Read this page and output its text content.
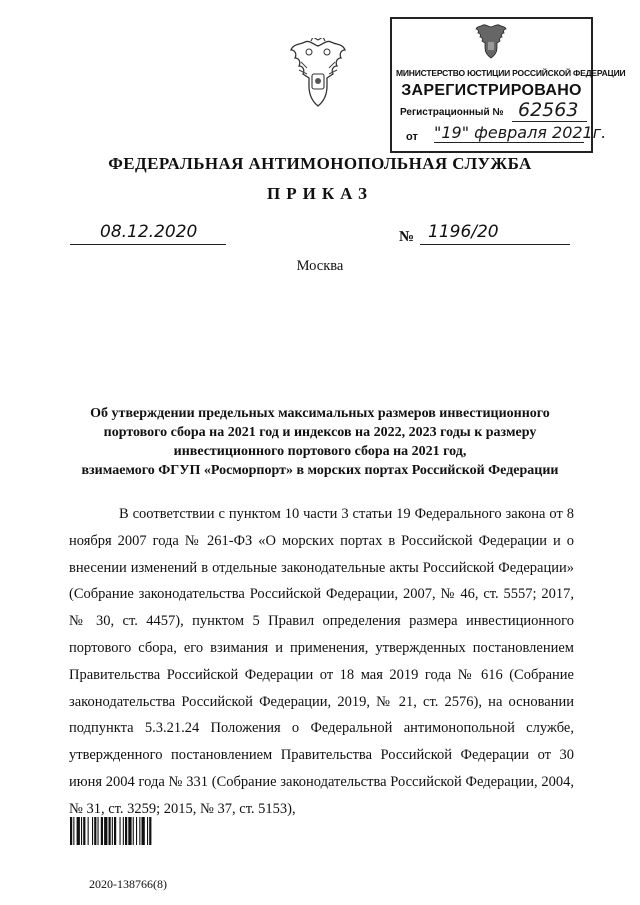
МИНИСТЕРСТВО ЮСТИЦИИ РОССИЙСКОЙ ФЕДЕРАЦИИ
ЗАРЕГИСТРИРОВАНО
Регистрационный № 62563
от "19" февраля 2021г.
ФЕДЕРАЛЬНАЯ АНТИМОНОПОЛЬНАЯ СЛУЖБА
ПРИКАЗ
08.12.2020	№ 1196/20
Москва
Об утверждении предельных максимальных размеров инвестиционного
портового сбора на 2021 год и индексов на 2022, 2023 годы к размеру
инвестиционного портового сбора на 2021 год,
взимаемого ФГУП «Росморпорт» в морских портах Российской Федерации

В соответствии с пунктом 10 части 3 статьи 19 Федерального закона от 8 ноября 2007 года № 261-ФЗ «О морских портах в Российской Федерации и о внесении изменений в отдельные законодательные акты Российской Федерации» (Собрание законодательства Российской Федерации, 2007, № 46, ст. 5557; 2017, № 30, ст. 4457), пунктом 5 Правил определения размера инвестиционного портового сбора, его взимания и применения, утвержденных постановлением Правительства Российской Федерации от 18 мая 2019 года № 616 (Собрание законодательства Российской Федерации, 2019, № 21, ст. 2576), на основании подпункта 5.3.21.24 Положения о Федеральной антимонопольной службе, утвержденного постановлением Правительства Российской Федерации от 30 июня 2004 года № 331 (Собрание законодательства Российской Федерации, 2004, № 31, ст. 3259; 2015, № 37, ст. 5153),

2020-138766(8)
